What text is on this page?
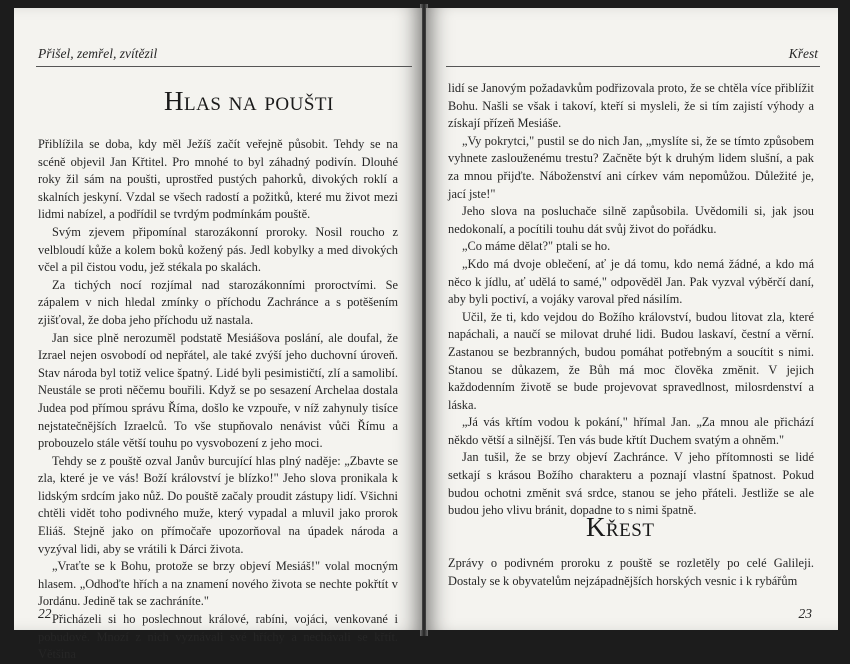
Přišel, zemřel, zvítězil
Hlas na poušti

Přiblížila se doba, kdy měl Ježíš začít veřejně působit. Tehdy se na scéně objevil Jan Křtitel. Pro mnohé to byl záhadný podivín. Dlouhé roky žil sám na poušti, uprostřed pustých pahorků, divokých roklí a skalních jeskyní. Vzdal se všech radostí a požitků, které mu život mezi lidmi nabízel, a podřídil se tvrdým podmínkám pouště.

Svým zjevem připomínal starozákonní proroky. Nosil roucho z velbloudí kůže a kolem boků kožený pás. Jedl kobylky a med divokých včel a pil čistou vodu, jež stékala po skalách.

Za tichých nocí rozjímal nad starozákonními proroctvími. Se zápalem v nich hledal zmínky o příchodu Zachránce a s potěšením zjišťoval, že doba jeho příchodu už nastala.

Jan sice plně nerozuměl podstatě Mesiášova poslání, ale doufal, že Izrael nejen osvobodí od nepřátel, ale také zvýší jeho duchovní úroveň. Stav národa byl totiž velice špatný. Lidé byli pesimističtí, zlí a samolibí. Neustále se proti něčemu bouřili. Když se po sesazení Archelaa dostala Judea pod přímou správu Říma, došlo ke vzpouře, v níž zahynuly tisíce nejstatečnějších Izraelců. To vše stupňovalo nenávist vůči Římu a probouzelo stále větší touhu po vysvobození z jeho moci.

Tehdy se z pouště ozval Janův burcující hlas plný naděje: „Zbavte se zla, které je ve vás! Boží království je blízko!" Jeho slova pronikala k lidským srdcím jako nůž. Do pouště začaly proudit zástupy lidí. Všichni chtěli vidět toho podivného muže, který vypadal a mluvil jako prorok Eliáš. Stejně jako on přímočaře upozorňoval na úpadek národa a vyzýval lidi, aby se vrátili k Dárci života.

„Vraťte se k Bohu, protože se brzy objeví Mesiáš!" volal mocným hlasem. „Odhoďte hřích a na znamení nového života se nechte pokřtít v Jordánu. Jedině tak se zachráníte."

Přicházeli si ho poslechnout králové, rabíni, vojáci, venkované i pobudové. Mnozí z nich vyznávali své hříchy a nechávali se křtít. Většina

22
Křest

lidí se Janovým požadavkům podřizovala proto, že se chtěla více přiblížit Bohu. Našli se však i takoví, kteří si mysleli, že si tím zajistí výhody a získají přízeň Mesiáše.

„Vy pokrytci," pustil se do nich Jan, „myslíte si, že se tímto způsobem vyhnete zaslouženému trestu? Začněte být k druhým lidem slušní, a pak za mnou přijďte. Náboženství ani církev vám nepomůžou. Důležité je, jací jste!"

Jeho slova na posluchače silně zapůsobila. Uvědomili si, jak jsou nedokonalí, a pocítili touhu dát svůj život do pořádku.

„Co máme dělat?" ptali se ho.

„Kdo má dvoje oblečení, ať je dá tomu, kdo nemá žádné, a kdo má něco k jídlu, ať udělá to samé," odpověděl Jan. Pak vyzval výběrčí daní, aby byli poctiví, a vojáky varoval před násilím.

Učil, že ti, kdo vejdou do Božího království, budou litovat zla, které napáchali, a naučí se milovat druhé lidi. Budou laskaví, čestní a věrní. Zastanou se bezbranných, budou pomáhat potřebným a soucítit s nimi. Stanou se důkazem, že Bůh má moc člověka změnit. V jejich každodenním životě se bude projevovat spravedlnost, milosrdenství a láska.

„Já vás křtím vodou k pokání," hřímal Jan. „Za mnou ale přichází někdo větší a silnější. Ten vás bude křtít Duchem svatým a ohněm."

Jan tušil, že se brzy objeví Zachránce. V jeho přítomnosti se lidé setkají s krásou Božího charakteru a poznají vlastní špatnost. Pokud budou ochotni změnit svá srdce, stanou se jeho přáteli. Jestliže se ale budou jeho vlivu bránit, dopadne to s nimi špatně.

Křest

Zprávy o podivném proroku z pouště se rozletěly po celé Galileji. Dostaly se k obyvatelům nejzápadnějších horských vesnic i k rybářům

23
